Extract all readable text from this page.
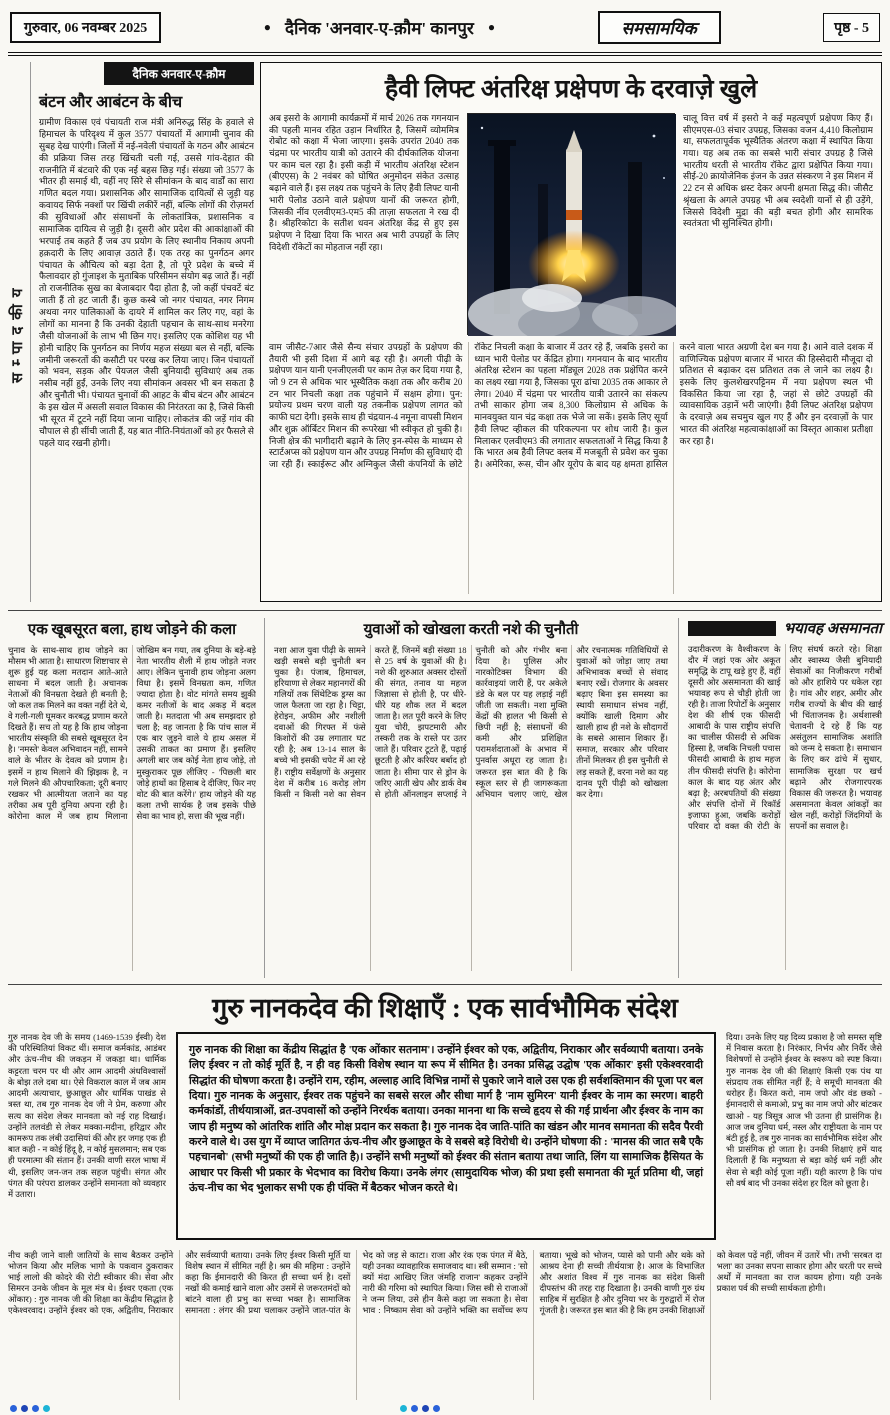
गुरुवार, 06 नवम्बर 2025	● दैनिक 'अनवार-ए-क़ौम' कानपुर ●	समसामयिक	पृष्ठ - 5
सम्पादकीय
दैनिक अनवार-ए-क़ौम
बंटन और आबंटन के बीच
ग्रामीण विकास एवं पंचायती राज मंत्री अनिरुद्ध सिंह के हवाले से हिमाचल के परिदृश्य में कुल 3577 पंचायतों में आगामी चुनाव की सुबह देख पाएंगी। जिलों में नई-नवेली पंचायतों के गठन और आबंटन की प्रक्रिया जिस तरह खिंचती चली गई, उससे गांव-देहात की राजनीति में बंटवारे की एक नई बहस छिड़ गई। संख्या जो 3577 के भीतर ही समाई थी, वहीं नए सिरे से सीमांकन के बाद वार्डों का सारा गणित बदल गया। प्रशासनिक और सामाजिक दायित्वों से जुड़ी यह कवायद सिर्फ नक्शों पर खिंची लकीरें नहीं, बल्कि लोगों की रोज़मर्रा की सुविधाओं और संसाधनों के लोकतांत्रिक, प्रशासनिक व सामाजिक दायित्व से जुड़ी है। दूसरी ओर प्रदेश की आकांक्षाओं की भरपाई तब कहते हैं जब उप प्रयोग के लिए स्थानीय निकाय अपनी हक़दारी के लिए आवाज़ उठाते हैं। एक तरह का पुनर्गठन अगर पंचायत के औचित्य को बड़ा देता है, तो पूरे प्रदेश के बच्चे में फैलावदार हो गुंजाइश के मुताबिक परिसीमन संयोग बढ़ जाते हैं। नहीं तो राजनीतिक सुख का बेजाबदार पैदा होता है, जो कहीं पंचवटें बंट जाती हैं तो हट जाती हैं। कुछ कस्बे जो नगर पंचायत, नगर निगम अथवा नगर पालिकाओं के दायरे में शामिल कर लिए गए, वहां के लोगों का मानना है कि उनकी देहाती पहचान के साथ-साथ मनरेगा जैसी योजनाओं के लाभ भी छिन गए। इसलिए एक कोशिश यह भी होनी चाहिए कि पुनर्गठन का निर्णय महज संख्या बल से नहीं, बल्कि जमीनी जरूरतों की कसौटी पर परख कर लिया जाए। जिन पंचायतों को भवन, सड़क और पेयजल जैसी बुनियादी सुविधाएं अब तक नसीब नहीं हुईं, उनके लिए नया सीमांकन अवसर भी बन सकता है और चुनौती भी। पंचायत चुनावों की आहट के बीच बंटन और आबंटन के इस खेल में असली सवाल विकास की निरंतरता का है, जिसे किसी भी सूरत में टूटने नहीं दिया जाना चाहिए। लोकतंत्र की जड़ें गांव की चौपाल से ही सींची जाती हैं, यह बात नीति-नियंताओं को हर फैसले से पहले याद रखनी होगी।
हैवी लिफ्ट अंतरिक्ष प्रक्षेपण के दरवाज़े खुले
अब इसरो के आगामी कार्यक्रमों में मार्च 2026 तक गगनयान की पहली मानव रहित उड़ान निर्धारित है, जिसमें व्योममित्र रोबोट को कक्षा में भेजा जाएगा। इसके उपरांत 2040 तक चंद्रमा पर भारतीय यात्री को उतारने की दीर्घकालिक योजना पर काम चल रहा है। इसी कड़ी में भारतीय अंतरिक्ष स्टेशन (बीएएस) के 2 नवंबर को घोषित अनुमोदन संकेत उत्साह बढ़ाने वाले हैं। इस लक्ष्य तक पहुंचने के लिए हैवी लिफ्ट यानी भारी पेलोड उठाने वाले प्रक्षेपण यानों की जरूरत होगी, जिसकी नींव एलवीएम3-एम5 की ताज़ा सफलता ने रख दी है। श्रीहरिकोटा के सतीश धवन अंतरिक्ष केंद्र से हुए इस प्रक्षेपण ने दिखा दिया कि भारत अब भारी उपग्रहों के लिए विदेशी रॉकेटों का मोहताज नहीं रहा।
चालू वित्त वर्ष में इसरो ने कई महत्वपूर्ण प्रक्षेपण किए हैं। सीएमएस-03 संचार उपग्रह, जिसका वजन 4,410 किलोग्राम था, सफलतापूर्वक भूस्थैतिक अंतरण कक्षा में स्थापित किया गया। यह अब तक का सबसे भारी संचार उपग्रह है जिसे भारतीय धरती से भारतीय रॉकेट द्वारा प्रक्षेपित किया गया। सीई-20 क्रायोजेनिक इंजन के उन्नत संस्करण ने इस मिशन में 22 टन से अधिक थ्रस्ट देकर अपनी क्षमता सिद्ध की। जीसैट श्रृंखला के अगले उपग्रह भी अब स्वदेशी यानों से ही उड़ेंगे, जिससे विदेशी मुद्रा की बड़ी बचत होगी और सामरिक स्वतंत्रता भी सुनिश्चित होगी।
वाम जीसैट-7आर जैसे सैन्य संचार उपग्रहों के प्रक्षेपण की तैयारी भी इसी दिशा में आगे बढ़ रही है। अगली पीढ़ी के प्रक्षेपण यान यानी एनजीएलवी पर काम तेज़ कर दिया गया है, जो 9 टन से अधिक भार भूस्थैतिक कक्षा तक और करीब 20 टन भार निचली कक्षा तक पहुंचाने में सक्षम होगा। पुन: प्रयोज्य प्रथम चरण वाली यह तकनीक प्रक्षेपण लागत को काफी घटा देगी। इसके साथ ही चंद्रयान-4 नमूना वापसी मिशन और शुक्र ऑर्बिटर मिशन की रूपरेखा भी स्वीकृत हो चुकी है। निजी क्षेत्र की भागीदारी बढ़ाने के लिए इन-स्पेस के माध्यम से स्टार्टअप्स को प्रक्षेपण यान और उपग्रह निर्माण की सुविधाएं दी जा रही हैं। स्काईरूट और अग्निकुल जैसी कंपनियों के छोटे रॉकेट निचली कक्षा के बाजार में उतर रहे हैं, जबकि इसरो का ध्यान भारी पेलोड पर केंद्रित होगा। गगनयान के बाद भारतीय अंतरिक्ष स्टेशन का पहला मॉड्यूल 2028 तक प्रक्षेपित करने का लक्ष्य रखा गया है, जिसका पूरा ढांचा 2035 तक आकार ले लेगा। 2040 में चंद्रमा पर भारतीय यात्री उतारने का संकल्प तभी साकार होगा जब 8,300 किलोग्राम से अधिक के मानवयुक्त यान चंद्र कक्षा तक भेजे जा सकें। इसके लिए सूर्या हैवी लिफ्ट व्हीकल की परिकल्पना पर शोध जारी है। कुल मिलाकर एलवीएम3 की लगातार सफलताओं ने सिद्ध किया है कि भारत अब हैवी लिफ्ट क्लब में मजबूती से प्रवेश कर चुका है। अमेरिका, रूस, चीन और यूरोप के बाद यह क्षमता हासिल करने वाला भारत अग्रणी देश बन गया है। आने वाले दशक में वाणिज्यिक प्रक्षेपण बाजार में भारत की हिस्सेदारी मौजूदा दो प्रतिशत से बढ़ाकर दस प्रतिशत तक ले जाने का लक्ष्य है। इसके लिए कुलशेखरपट्टिनम में नया प्रक्षेपण स्थल भी विकसित किया जा रहा है, जहां से छोटे उपग्रहों की व्यावसायिक उड़ानें भरी जाएंगी। हैवी लिफ्ट अंतरिक्ष प्रक्षेपण के दरवाज़े अब सचमुच खुल गए हैं और इन दरवाज़ों के पार भारत की अंतरिक्ष महत्वाकांक्षाओं का विस्तृत आकाश प्रतीक्षा कर रहा है।
एक खूबसूरत बला, हाथ जोड़ने की कला
चुनाव के साथ-साथ हाथ जोड़ने का मौसम भी आता है। साधारण शिष्टाचार से शुरू हुई यह कला मतदान आते-आते साधना में बदल जाती है। अचानक नेताओं की विनम्रता देखते ही बनती है; जो कल तक मिलने का वक्त नहीं देते थे, वे गली-गली घूमकर करबद्ध प्रणाम करते दिखते हैं। सच तो यह है कि हाथ जोड़ना भारतीय संस्कृति की सबसे खूबसूरत देन है। 'नमस्ते' केवल अभिवादन नहीं, सामने वाले के भीतर के देवत्व को प्रणाम है। इसमें न हाथ मिलाने की झिझक है, न गले मिलने की औपचारिकता; दूरी बनाए रखकर भी आत्मीयता जताने का यह तरीका अब पूरी दुनिया अपना रही है। कोरोना काल में जब हाथ मिलाना जोखिम बन गया, तब दुनिया के बड़े-बड़े नेता भारतीय शैली में हाथ जोड़ते नजर आए। लेकिन चुनावी हाथ जोड़ना अलग विधा है। इसमें विनम्रता कम, गणित ज्यादा होता है। वोट मांगते समय झुकी कमर नतीजों के बाद अकड़ में बदल जाती है। मतदाता भी अब समझदार हो चला है; वह जानता है कि पांच साल में एक बार जुड़ने वाले ये हाथ असल में उसकी ताकत का प्रमाण हैं। इसलिए अगली बार जब कोई नेता हाथ जोड़े, तो मुस्कुराकर पूछ लीजिए - 'पिछली बार जोड़े हाथों का हिसाब दे दीजिए, फिर नए वोट की बात करेंगे।' हाथ जोड़ने की यह कला तभी सार्थक है जब इसके पीछे सेवा का भाव हो, सत्ता की भूख नहीं।
युवाओं को खोखला करती नशे की चुनौती
नशा आज युवा पीढ़ी के सामने खड़ी सबसे बड़ी चुनौती बन चुका है। पंजाब, हिमाचल, हरियाणा से लेकर महानगरों की गलियों तक सिंथेटिक ड्रग्स का जाल फैलता जा रहा है। चिट्टा, हेरोइन, अफीम और नशीली दवाओं की गिरफ्त में फंसे किशोरों की उम्र लगातार घट रही है; अब 13-14 साल के बच्चे भी इसकी चपेट में आ रहे हैं। राष्ट्रीय सर्वेक्षणों के अनुसार देश में करीब 16 करोड़ लोग किसी न किसी नशे का सेवन करते हैं, जिनमें बड़ी संख्या 18 से 25 वर्ष के युवाओं की है। नशे की शुरुआत अक्सर दोस्तों की संगत, तनाव या महज जिज्ञासा से होती है, पर धीरे-धीरे यह शौक लत में बदल जाता है। लत पूरी करने के लिए युवा चोरी, झपटमारी और तस्करी तक के रास्ते पर उतर जाते हैं। परिवार टूटते हैं, पढ़ाई छूटती है और करियर बर्बाद हो जाता है। सीमा पार से ड्रोन के जरिए आती खेप और डार्क वेब से होती ऑनलाइन सप्लाई ने चुनौती को और गंभीर बना दिया है। पुलिस और नारकोटिक्स विभाग की कार्रवाइयां जारी हैं, पर अकेले डंडे के बल पर यह लड़ाई नहीं जीती जा सकती। नशा मुक्ति केंद्रों की हालत भी किसी से छिपी नहीं है; संसाधनों की कमी और प्रशिक्षित परामर्शदाताओं के अभाव में पुनर्वास अधूरा रह जाता है। जरूरत इस बात की है कि स्कूल स्तर से ही जागरूकता अभियान चलाए जाएं, खेल और रचनात्मक गतिविधियों से युवाओं को जोड़ा जाए तथा अभिभावक बच्चों से संवाद बनाए रखें। रोजगार के अवसर बढ़ाए बिना इस समस्या का स्थायी समाधान संभव नहीं, क्योंकि खाली दिमाग और खाली हाथ ही नशे के सौदागरों के सबसे आसान शिकार हैं। समाज, सरकार और परिवार तीनों मिलकर ही इस चुनौती से लड़ सकते हैं, वरना नशे का यह दानव पूरी पीढ़ी को खोखला कर देगा।
भयावह असमानता
उदारीकरण के वैश्वीकरण के दौर में जहां एक ओर अकूत समृद्धि के टापू खड़े हुए हैं, वहीं दूसरी ओर असमानता की खाई भयावह रूप से चौड़ी होती जा रही है। ताजा रिपोर्टों के अनुसार देश की शीर्ष एक फीसदी आबादी के पास राष्ट्रीय संपत्ति का चालीस फीसदी से अधिक हिस्सा है, जबकि निचली पचास फीसदी आबादी के हाथ महज तीन फीसदी संपत्ति है। कोरोना काल के बाद यह अंतर और बढ़ा है; अरबपतियों की संख्या और संपत्ति दोनों में रिकॉर्ड इजाफा हुआ, जबकि करोड़ों परिवार दो वक्त की रोटी के लिए संघर्ष करते रहे। शिक्षा और स्वास्थ्य जैसी बुनियादी सेवाओं का निजीकरण गरीबों को और हाशिये पर धकेल रहा है। गांव और शहर, अमीर और गरीब राज्यों के बीच की खाई भी चिंताजनक है। अर्थशास्त्री चेतावनी दे रहे हैं कि यह असंतुलन सामाजिक अशांति को जन्म दे सकता है। समाधान के लिए कर ढांचे में सुधार, सामाजिक सुरक्षा पर खर्च बढ़ाने और रोजगारपरक विकास की जरूरत है। भयावह असमानता केवल आंकड़ों का खेल नहीं, करोड़ों जिंदगियों के सपनों का सवाल है।
गुरु नानकदेव की शिक्षाएँ : एक सार्वभौमिक संदेश
गुरु नानक देव जी के समय (1469-1539 ईस्वी) देश की परिस्थितियां विकट थीं। समाज कर्मकांड, आडंबर और ऊंच-नीच की जकड़न में जकड़ा था। धार्मिक कट्टरता चरम पर थी और आम आदमी अंधविश्वासों के बोझ तले दबा था। ऐसे विकराल काल में जब आम आदमी अत्याचार, छुआछूत और धार्मिक पाखंड से त्रस्त था, तब गुरु नानक देव जी ने प्रेम, करुणा और सत्य का संदेश लेकर मानवता को नई राह दिखाई। उन्होंने तलवंडी से लेकर मक्का-मदीना, हरिद्वार और कामरूप तक लंबी उदासियां कीं और हर जगह एक ही बात कही - न कोई हिंदू है, न कोई मुसलमान; सब एक ही परमात्मा की संतान हैं। उनकी वाणी सरल भाषा में थी, इसलिए जन-जन तक सहज पहुंची। संगत और पंगत की परंपरा डालकर उन्होंने समानता को व्यवहार में उतारा।
गुरु नानक की शिक्षा का केंद्रीय सिद्धांत है 'एक ओंकार सतनाम'। उन्होंने ईश्वर को एक, अद्वितीय, निराकार और सर्वव्यापी बताया। उनके लिए ईश्वर न तो कोई मूर्ति है, न ही वह किसी विशेष स्थान या रूप में सीमित है। उनका प्रसिद्ध उद्घोष 'एक ओंकार' इसी एकेश्वरवादी सिद्धांत की घोषणा करता है। उन्होंने राम, रहीम, अल्लाह आदि विभिन्न नामों से पुकारे जाने वाले उस एक ही सर्वशक्तिमान की पूजा पर बल दिया। गुरु नानक के अनुसार, ईश्वर तक पहुंचने का सबसे सरल और सीधा मार्ग है 'नाम सुमिरन' यानी ईश्वर के नाम का स्मरण। बाहरी कर्मकांडों, तीर्थयात्राओं, व्रत-उपवासों को उन्होंने निरर्थक बताया। उनका मानना था कि सच्चे हृदय से की गई प्रार्थना और ईश्वर के नाम का जाप ही मनुष्य को आंतरिक शांति और मोक्ष प्रदान कर सकता है। गुरु नानक देव जाति-पांति का खंडन और मानव समानता की सदैव पैरवी करने वाले थे। उस युग में व्याप्त जातिगत ऊंच-नीच और छुआछूत के वे सबसे बड़े विरोधी थे। उन्होंने घोषणा की : 'मानस की जात सबै एकै पहचानबो' (सभी मनुष्यों की एक ही जाति है)। उन्होंने सभी मनुष्यों को ईश्वर की संतान बताया तथा जाति, लिंग या सामाजिक हैसियत के आधार पर किसी भी प्रकार के भेदभाव का विरोध किया। उनके लंगर (सामुदायिक भोज) की प्रथा इसी समानता की मूर्त प्रतिमा थी, जहां ऊंच-नीच का भेद भुलाकर सभी एक ही पंक्ति में बैठकर भोजन करते थे।
दिया। उनके लिए यह दिव्य प्रकाश है जो समस्त सृष्टि में निवास करता है। निरंकार, निर्भय और निर्वैर जैसे विशेषणों से उन्होंने ईश्वर के स्वरूप को स्पष्ट किया। गुरु नानक देव जी की शिक्षाएं किसी एक पंथ या संप्रदाय तक सीमित नहीं हैं; वे समूची मानवता की धरोहर हैं। किरत करो, नाम जपो और वंड छको - ईमानदारी से कमाओ, प्रभु का नाम जपो और बांटकर खाओ - यह त्रिसूत्र आज भी उतना ही प्रासंगिक है। आज जब दुनिया धर्म, नस्ल और राष्ट्रीयता के नाम पर बंटी हुई है, तब गुरु नानक का सार्वभौमिक संदेश और भी प्रासंगिक हो जाता है। उनकी शिक्षाएं हमें याद दिलाती हैं कि मनुष्यता से बड़ा कोई धर्म नहीं और सेवा से बड़ी कोई पूजा नहीं। यही कारण है कि पांच सौ वर्ष बाद भी उनका संदेश हर दिल को छूता है।
नीच कही जाने वाली जातियों के साथ बैठकर उन्होंने भोजन किया और मलिक भागो के पकवान ठुकराकर भाई लालो की कोदरे की रोटी स्वीकार की। सेवा और सिमरन उनके जीवन के मूल मंत्र थे। ईश्वर एकता (एक ओंकार) : गुरु नानक जी की शिक्षा का केंद्रीय सिद्धांत है एकेश्वरवाद। उन्होंने ईश्वर को एक, अद्वितीय, निराकार और सर्वव्यापी बताया। उनके लिए ईश्वर किसी मूर्ति या विशेष स्थान में सीमित नहीं है। श्रम की महिमा : उन्होंने कहा कि ईमानदारी की किरत ही सच्चा धर्म है। दसों नखों की कमाई खाने वाला और उसमें से जरूरतमंदों को बांटने वाला ही प्रभु का सच्चा भक्त है। सामाजिक समानता : लंगर की प्रथा चलाकर उन्होंने जात-पांत के भेद को जड़ से काटा। राजा और रंक एक पंगत में बैठे, यही उनका व्यावहारिक समाजवाद था। स्त्री सम्मान : 'सो क्यों मंदा आखिए जित जंमहि राजान' कहकर उन्होंने नारी की गरिमा को स्थापित किया। जिस स्त्री से राजाओं ने जन्म लिया, उसे हीन कैसे कहा जा सकता है। सेवा भाव : निष्काम सेवा को उन्होंने भक्ति का सर्वोच्च रूप बताया। भूखे को भोजन, प्यासे को पानी और थके को आश्रय देना ही सच्ची तीर्थयात्रा है। आज के विभाजित और अशांत विश्व में गुरु नानक का संदेश किसी दीपस्तंभ की तरह राह दिखाता है। उनकी वाणी गुरु ग्रंथ साहिब में सुरक्षित है और दुनिया भर के गुरुद्वारों में रोज गूंजती है। जरूरत इस बात की है कि हम उनकी शिक्षाओं को केवल पढ़ें नहीं, जीवन में उतारें भी। तभी 'सरबत दा भला' का उनका सपना साकार होगा और धरती पर सच्चे अर्थों में मानवता का राज कायम होगा। यही उनके प्रकाश पर्व की सच्ची सार्थकता होगी।
